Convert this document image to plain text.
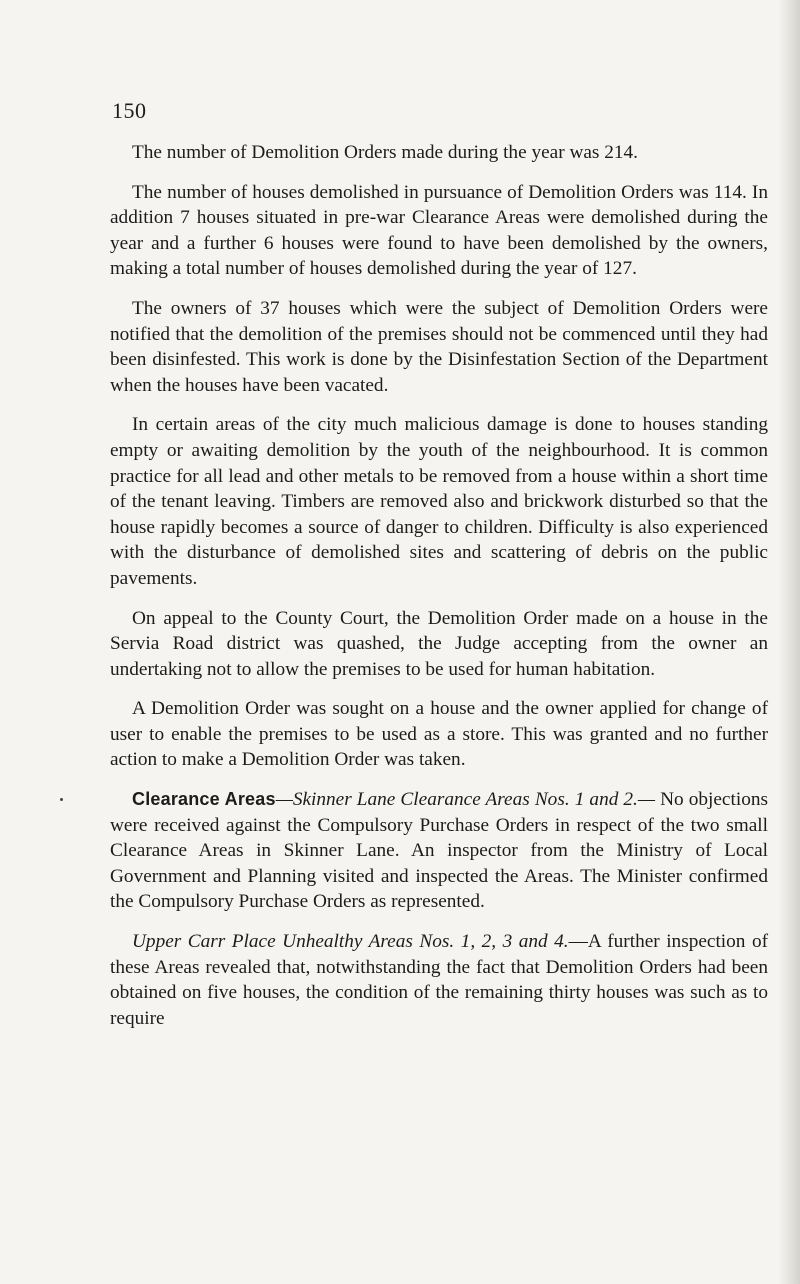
150

The number of Demolition Orders made during the year was 214.

The number of houses demolished in pursuance of Demolition Orders was 114. In addition 7 houses situated in pre-war Clearance Areas were demolished during the year and a further 6 houses were found to have been demolished by the owners, making a total number of houses demolished during the year of 127.

The owners of 37 houses which were the subject of Demolition Orders were notified that the demolition of the premises should not be commenced until they had been disinfested. This work is done by the Disinfestation Section of the Department when the houses have been vacated.

In certain areas of the city much malicious damage is done to houses standing empty or awaiting demolition by the youth of the neighbourhood. It is common practice for all lead and other metals to be removed from a house within a short time of the tenant leaving. Timbers are removed also and brickwork disturbed so that the house rapidly becomes a source of danger to children. Difficulty is also experienced with the disturbance of demolished sites and scattering of debris on the public pavements.

On appeal to the County Court, the Demolition Order made on a house in the Servia Road district was quashed, the Judge accepting from the owner an undertaking not to allow the premises to be used for human habitation.

A Demolition Order was sought on a house and the owner applied for change of user to enable the premises to be used as a store. This was granted and no further action to make a Demolition Order was taken.

Clearance Areas—Skinner Lane Clearance Areas Nos. 1 and 2.— No objections were received against the Compulsory Purchase Orders in respect of the two small Clearance Areas in Skinner Lane. An inspector from the Ministry of Local Government and Planning visited and inspected the Areas. The Minister confirmed the Compulsory Purchase Orders as represented.

Upper Carr Place Unhealthy Areas Nos. 1, 2, 3 and 4.—A further inspection of these Areas revealed that, notwithstanding the fact that Demolition Orders had been obtained on five houses, the condition of the remaining thirty houses was such as to require
